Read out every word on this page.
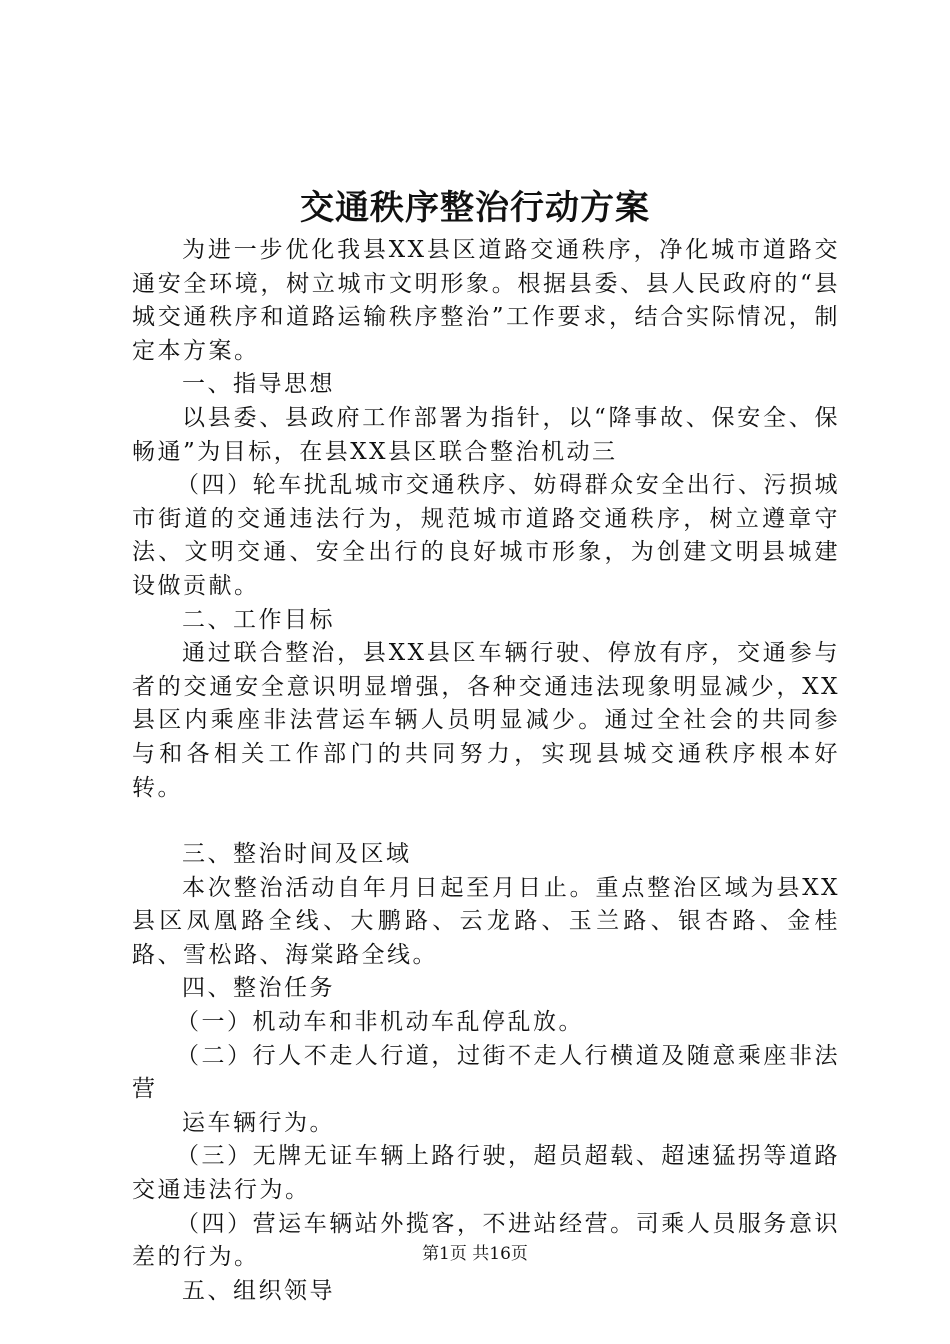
交通秩序整治行动方案

为进一步优化我县XX县区道路交通秩序，净化城市道路交通安全环境，树立城市文明形象。根据县委、县人民政府的“县城交通秩序和道路运输秩序整治”工作要求，结合实际情况，制定本方案。

一、指导思想

以县委、县政府工作部署为指针，以“降事故、保安全、保畅通”为目标，在县XX县区联合整治机动三

（四）轮车扰乱城市交通秩序、妨碍群众安全出行、污损城市街道的交通违法行为，规范城市道路交通秩序，树立遵章守法、文明交通、安全出行的良好城市形象，为创建文明县城建设做贡献。

二、工作目标

通过联合整治，县XX县区车辆行驶、停放有序，交通参与者的交通安全意识明显增强，各种交通违法现象明显减少，XX县区内乘座非法营运车辆人员明显减少。通过全社会的共同参与和各相关工作部门的共同努力，实现县城交通秩序根本好转。

三、整治时间及区域

本次整治活动自年月日起至月日止。重点整治区域为县XX县区凤凰路全线、大鹏路、云龙路、玉兰路、银杏路、金桂路、雪松路、海棠路全线。

四、整治任务

（一）机动车和非机动车乱停乱放。

（二）行人不走人行道，过街不走人行横道及随意乘座非法营

运车辆行为。

（三）无牌无证车辆上路行驶，超员超载、超速猛拐等道路交通违法行为。

（四）营运车辆站外揽客，不进站经营。司乘人员服务意识差的行为。

五、组织领导

第1页 共16页
